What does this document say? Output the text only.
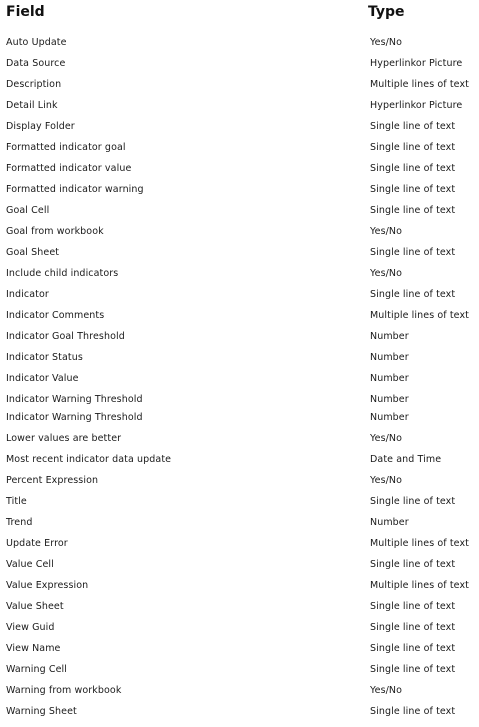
Field	Type
Auto Update	Yes/No
Data Source	Hyperlinkor Picture
Description	Multiple lines of text
Detail Link	Hyperlinkor Picture
Display Folder	Single line of text
Formatted indicator goal	Single line of text
Formatted indicator value	Single line of text
Formatted indicator warning	Single line of text
Goal Cell	Single line of text
Goal from workbook	Yes/No
Goal Sheet	Single line of text
Include child indicators	Yes/No
Indicator	Single line of text
Indicator Comments	Multiple lines of text
Indicator Goal Threshold	Number
Indicator Status	Number
Indicator Value	Number
Indicator Warning Threshold	Number
Indicator Warning Threshold	Number
Lower values are better	Yes/No
Most recent indicator data update	Date and Time
Percent Expression	Yes/No
Title	Single line of text
Trend	Number
Update Error	Multiple lines of text
Value Cell	Single line of text
Value Expression	Multiple lines of text
Value Sheet	Single line of text
View Guid	Single line of text
View Name	Single line of text
Warning Cell	Single line of text
Warning from workbook	Yes/No
Warning Sheet	Single line of text
